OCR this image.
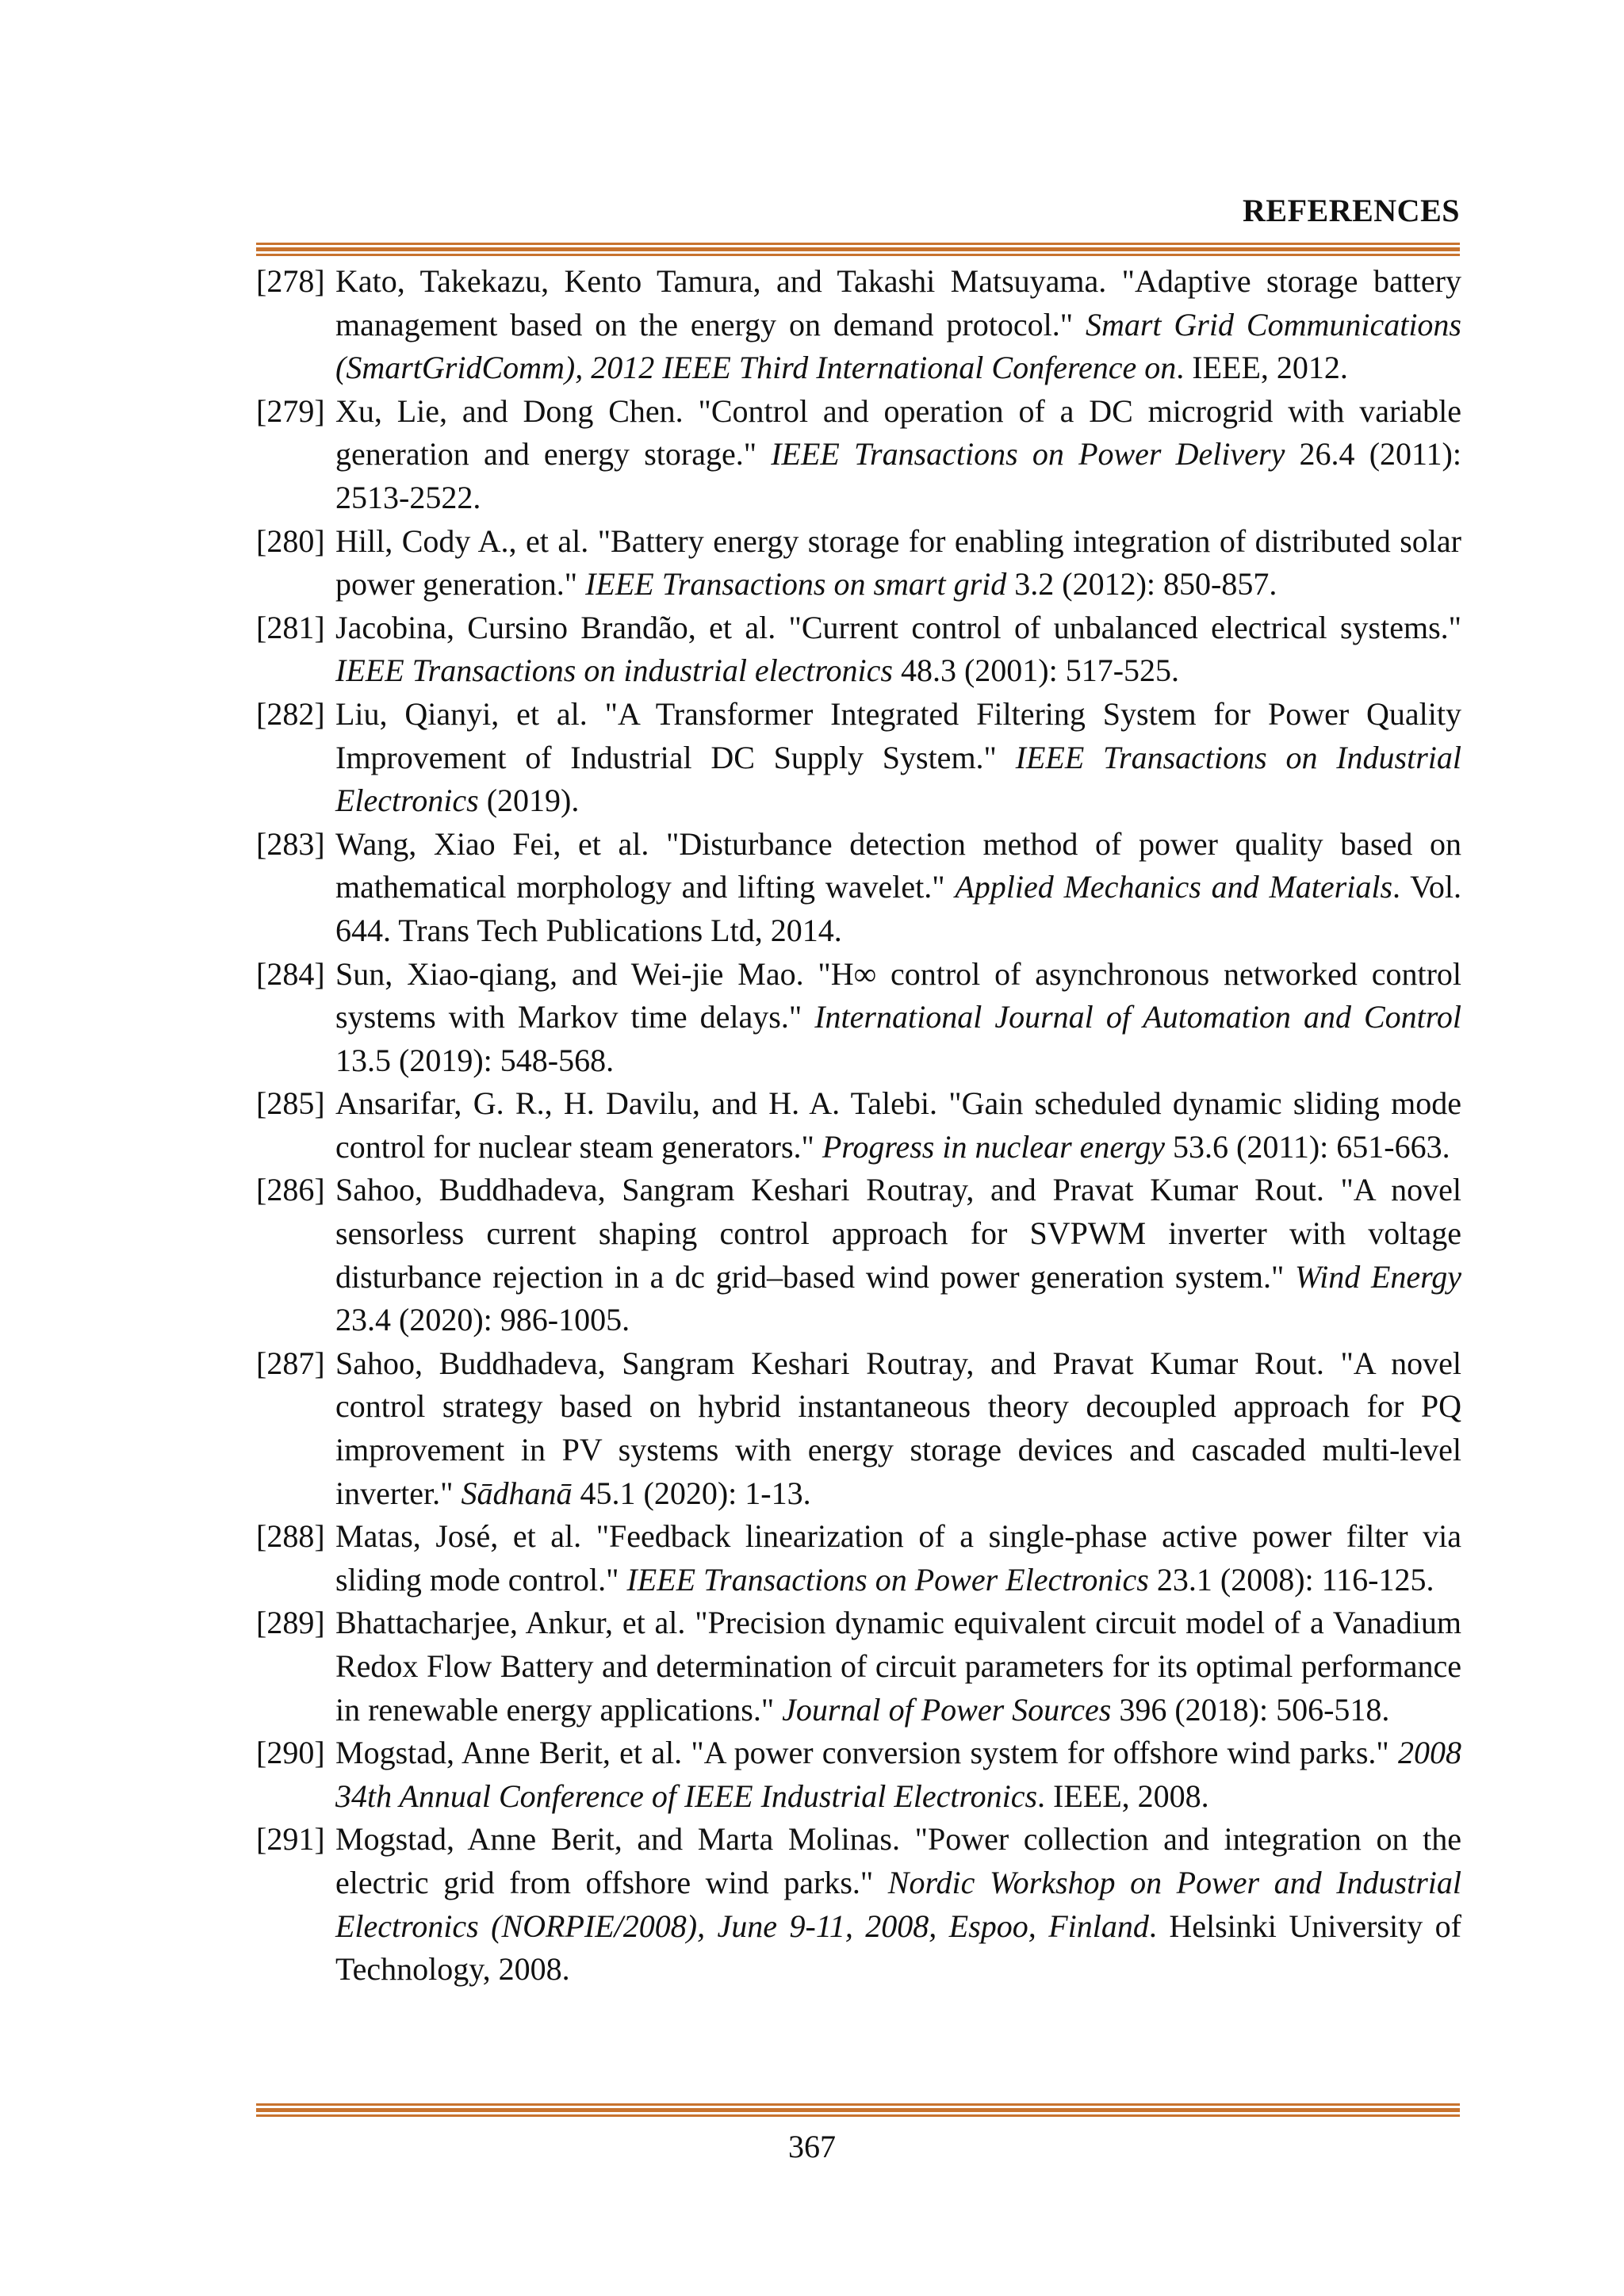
REFERENCES
[278] Kato, Takekazu, Kento Tamura, and Takashi Matsuyama. "Adaptive storage battery management based on the energy on demand protocol." Smart Grid Communications (SmartGridComm), 2012 IEEE Third International Conference on. IEEE, 2012.
[279] Xu, Lie, and Dong Chen. "Control and operation of a DC microgrid with variable generation and energy storage." IEEE Transactions on Power Delivery 26.4 (2011): 2513-2522.
[280] Hill, Cody A., et al. "Battery energy storage for enabling integration of distributed solar power generation." IEEE Transactions on smart grid 3.2 (2012): 850-857.
[281] Jacobina, Cursino Brandão, et al. "Current control of unbalanced electrical systems." IEEE Transactions on industrial electronics 48.3 (2001): 517-525.
[282] Liu, Qianyi, et al. "A Transformer Integrated Filtering System for Power Quality Improvement of Industrial DC Supply System." IEEE Transactions on Industrial Electronics (2019).
[283] Wang, Xiao Fei, et al. "Disturbance detection method of power quality based on mathematical morphology and lifting wavelet." Applied Mechanics and Materials. Vol. 644. Trans Tech Publications Ltd, 2014.
[284] Sun, Xiao-qiang, and Wei-jie Mao. "H∞ control of asynchronous networked control systems with Markov time delays." International Journal of Automation and Control 13.5 (2019): 548-568.
[285] Ansarifar, G. R., H. Davilu, and H. A. Talebi. "Gain scheduled dynamic sliding mode control for nuclear steam generators." Progress in nuclear energy 53.6 (2011): 651-663.
[286] Sahoo, Buddhadeva, Sangram Keshari Routray, and Pravat Kumar Rout. "A novel sensorless current shaping control approach for SVPWM inverter with voltage disturbance rejection in a dc grid–based wind power generation system." Wind Energy 23.4 (2020): 986-1005.
[287] Sahoo, Buddhadeva, Sangram Keshari Routray, and Pravat Kumar Rout. "A novel control strategy based on hybrid instantaneous theory decoupled approach for PQ improvement in PV systems with energy storage devices and cascaded multi-level inverter." Sādhanā 45.1 (2020): 1-13.
[288] Matas, José, et al. "Feedback linearization of a single-phase active power filter via sliding mode control." IEEE Transactions on Power Electronics 23.1 (2008): 116-125.
[289] Bhattacharjee, Ankur, et al. "Precision dynamic equivalent circuit model of a Vanadium Redox Flow Battery and determination of circuit parameters for its optimal performance in renewable energy applications." Journal of Power Sources 396 (2018): 506-518.
[290] Mogstad, Anne Berit, et al. "A power conversion system for offshore wind parks." 2008 34th Annual Conference of IEEE Industrial Electronics. IEEE, 2008.
[291] Mogstad, Anne Berit, and Marta Molinas. "Power collection and integration on the electric grid from offshore wind parks." Nordic Workshop on Power and Industrial Electronics (NORPIE/2008), June 9-11, 2008, Espoo, Finland. Helsinki University of Technology, 2008.
367
